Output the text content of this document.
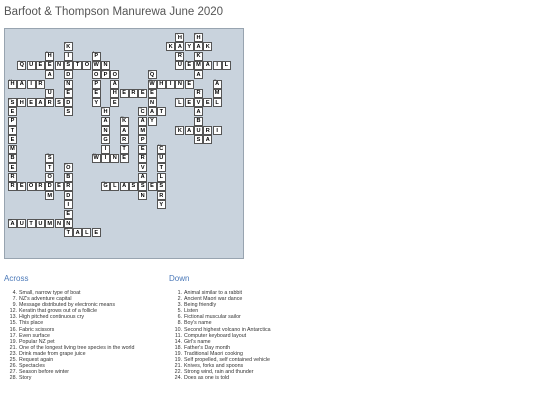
Barfoot & Thompson Manurewa June 2020
H
1
H
2
K
3
K
4
A Y A K
H
5
I	P
6
R	K
Q
7
U E E N S T O W N	U E
9
M A I L
A	D	O P
8
O	Q
10
A
H
12
A I R	N	P	A	W
13
H I N E	A
11
U	E	E	H
15
E R E E	R	M
S
16
H E A R S D	Y	E	N	L
17
E V E L
E	S	H
18
C
19
A T	A
P	A	K
20
A Y	B
T	N	A	M	K
21
A U R I
E	G	R	P	S A
M	I	T	E	C
22
B	S
23
W
24
I N E	R	U
E	T	O
25
V	T
R	O	B	A	L
R
26
E O R D E R	G
27
L A S S E S
M	D	N	R
I	Y
E
A
28
U T U M N N
T
29
A L E
Across
4. Small, narrow type of boat
7. NZ's adventure capital
9. Message distributed by electronic means
12. Keratin that grows out of a follicle
13. High pitched continuous cry
15. This place
16. Fabric scissors
17. Even surface
19. Popular NZ pet
21. One of the longest living tree species in the world
23. Drink made from grape juice
25. Request again
26. Spectacles
27. Season before winter
28. Story
Down
1. Animal similar to a rabbit
2. Ancient Maori war dance
3. Being friendly
5. Listen
6. Fictional muscular sailor
8. Boy's name
10. Second highest volcano in Antarctica
11. Computer keyboard layout
14. Girl's name
18. Father's Day month
19. Traditional Maori cooking
19. Self propelled, self contained vehicle
21. Knives, forks and spoons
22. Strong wind, rain and thunder
24. Does as one is told
